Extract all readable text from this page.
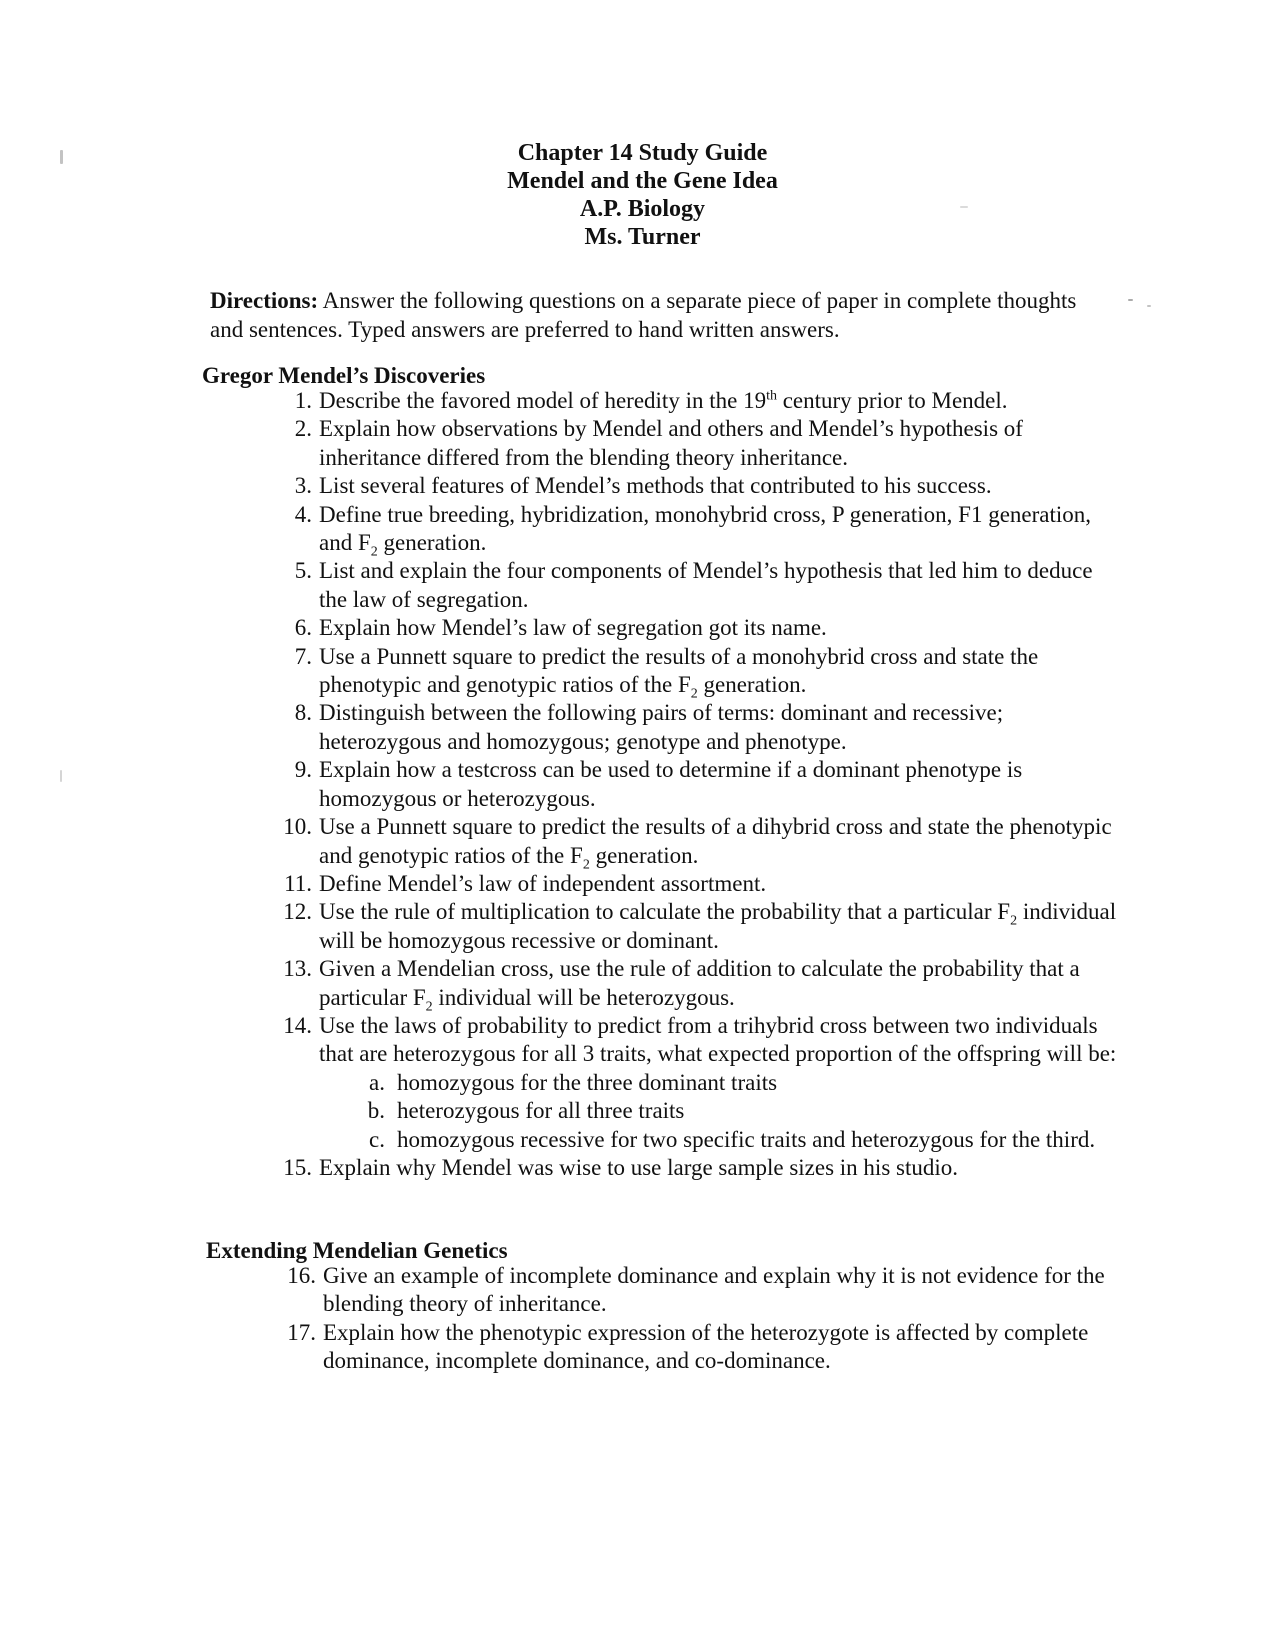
Chapter 14 Study Guide
Mendel and the Gene Idea
A.P. Biology
Ms. Turner
Directions: Answer the following questions on a separate piece of paper in complete thoughts and sentences. Typed answers are preferred to hand written answers.
Gregor Mendel’s Discoveries
1. Describe the favored model of heredity in the 19th century prior to Mendel.
2. Explain how observations by Mendel and others and Mendel’s hypothesis of inheritance differed from the blending theory inheritance.
3. List several features of Mendel’s methods that contributed to his success.
4. Define true breeding, hybridization, monohybrid cross, P generation, F1 generation, and $F_2$ generation.
5. List and explain the four components of Mendel’s hypothesis that led him to deduce the law of segregation.
6. Explain how Mendel’s law of segregation got its name.
7. Use a Punnett square to predict the results of a monohybrid cross and state the phenotypic and genotypic ratios of the $F_2$ generation.
8. Distinguish between the following pairs of terms: dominant and recessive; heterozygous and homozygous; genotype and phenotype.
9. Explain how a testcross can be used to determine if a dominant phenotype is homozygous or heterozygous.
10. Use a Punnett square to predict the results of a dihybrid cross and state the phenotypic and genotypic ratios of the $F_2$ generation.
11. Define Mendel’s law of independent assortment.
12. Use the rule of multiplication to calculate the probability that a particular $F_2$ individual will be homozygous recessive or dominant.
13. Given a Mendelian cross, use the rule of addition to calculate the probability that a particular $F_2$ individual will be heterozygous.
14. Use the laws of probability to predict from a trihybrid cross between two individuals that are heterozygous for all 3 traits, what expected proportion of the offspring will be:
a. homozygous for the three dominant traits
b. heterozygous for all three traits
c. homozygous recessive for two specific traits and heterozygous for the third.
15. Explain why Mendel was wise to use large sample sizes in his studio.
Extending Mendelian Genetics
16. Give an example of incomplete dominance and explain why it is not evidence for the blending theory of inheritance.
17. Explain how the phenotypic expression of the heterozygote is affected by complete dominance, incomplete dominance, and co-dominance.
